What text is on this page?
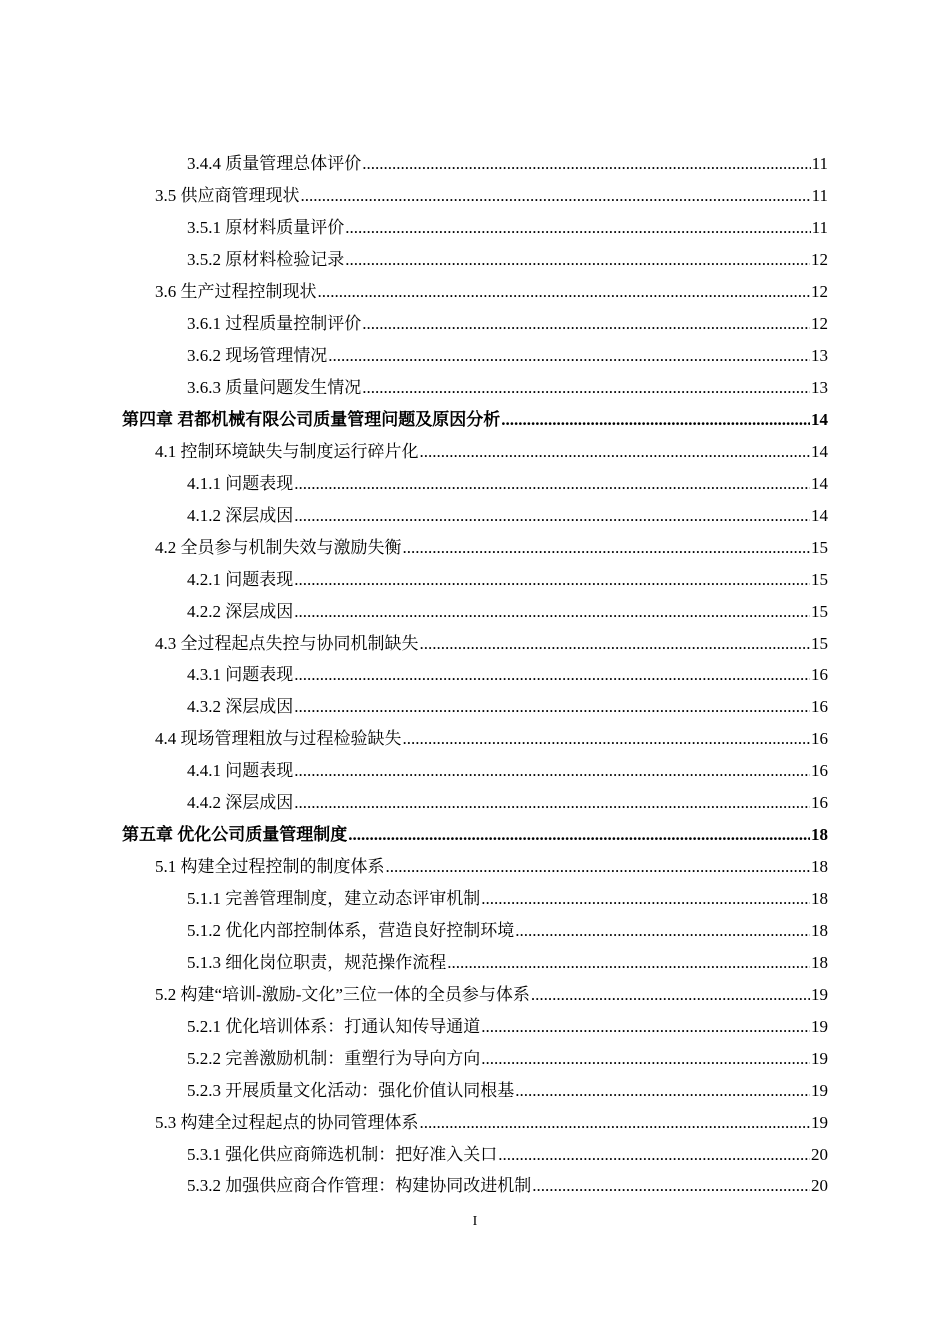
3.4.4 质量管理总体评价 .....	11
3.5 供应商管理现状 .....	11
3.5.1 原材料质量评价 .....	11
3.5.2 原材料检验记录 .....	12
3.6 生产过程控制现状 .....	12
3.6.1 过程质量控制评价 .....	12
3.6.2 现场管理情况 .....	13
3.6.3 质量问题发生情况 .....	13
第四章 君都机械有限公司质量管理问题及原因分析 .....	14
4.1 控制环境缺失与制度运行碎片化 .....	14
4.1.1 问题表现 .....	14
4.1.2 深层成因 .....	14
4.2 全员参与机制失效与激励失衡 .....	15
4.2.1 问题表现 .....	15
4.2.2 深层成因 .....	15
4.3 全过程起点失控与协同机制缺失 .....	15
4.3.1 问题表现 .....	16
4.3.2 深层成因 .....	16
4.4 现场管理粗放与过程检验缺失 .....	16
4.4.1 问题表现 .....	16
4.4.2 深层成因 .....	16
第五章 优化公司质量管理制度 .....	18
5.1 构建全过程控制的制度体系 .....	18
5.1.1 完善管理制度，建立动态评审机制 .....	18
5.1.2 优化内部控制体系，营造良好控制环境 .....	18
5.1.3 细化岗位职责，规范操作流程 .....	18
5.2 构建“培训-激励-文化”三位一体的全员参与体系 .....	19
5.2.1 优化培训体系：打通认知传导通道 .....	19
5.2.2 完善激励机制：重塑行为导向方向 .....	19
5.2.3 开展质量文化活动：强化价值认同根基 .....	19
5.3 构建全过程起点的协同管理体系 .....	19
5.3.1 强化供应商筛选机制：把好准入关口 .....	20
5.3.2 加强供应商合作管理：构建协同改进机制 .....	20
I
